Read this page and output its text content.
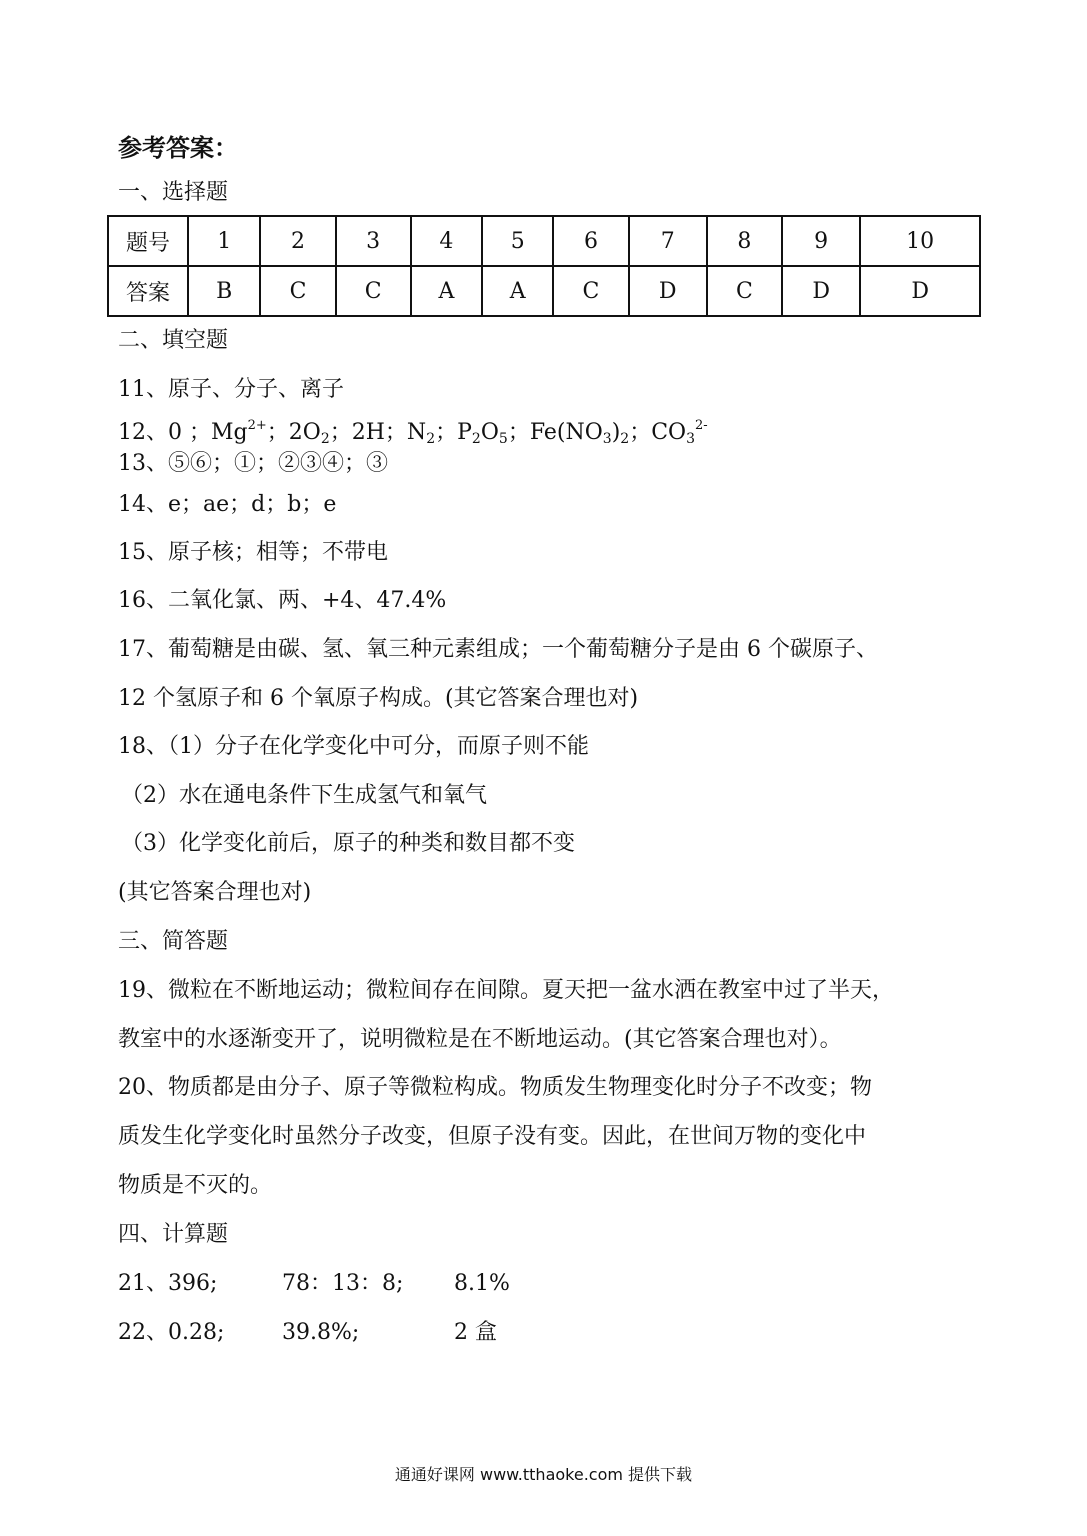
参考答案：
一、选择题
题号	1	2	3	4	5	6	7	8	9	10
答案	B	C	C	A	A	C	D	C	D	D
二、填空题
11、原子、分子、离子
12、0 ；$Mg^{2+}$；$2O_2$；2H；$N_2$；$P_2O_5$；$Fe(NO_3)_2$；$CO_3^{2-}$
13、⑤⑥；①；②③④；③
14、e；ae；d；b；e
15、原子核；相等；不带电
16、二氧化氯、两、+4、47.4%
17、葡萄糖是由碳、氢、氧三种元素组成；一个葡萄糖分子是由 6 个碳原子、
12 个氢原子和 6 个氧原子构成。(其它答案合理也对)
18、（1）分子在化学变化中可分，而原子则不能
（2）水在通电条件下生成氢气和氧气
（3）化学变化前后，原子的种类和数目都不变
(其它答案合理也对)
三、简答题
19、微粒在不断地运动；微粒间存在间隙。夏天把一盆水洒在教室中过了半天，
教室中的水逐渐变开了，说明微粒是在不断地运动。(其它答案合理也对）。
20、物质都是由分子、原子等微粒构成。物质发生物理变化时分子不改变；物
质发生化学变化时虽然分子改变，但原子没有变。因此，在世间万物的变化中
物质是不灭的。
四、计算题
21、396;	78：13：8; 8.1%
22、0.28;	39.8%;	2 盒
通通好课网 www.tthaoke.com 提供下载
